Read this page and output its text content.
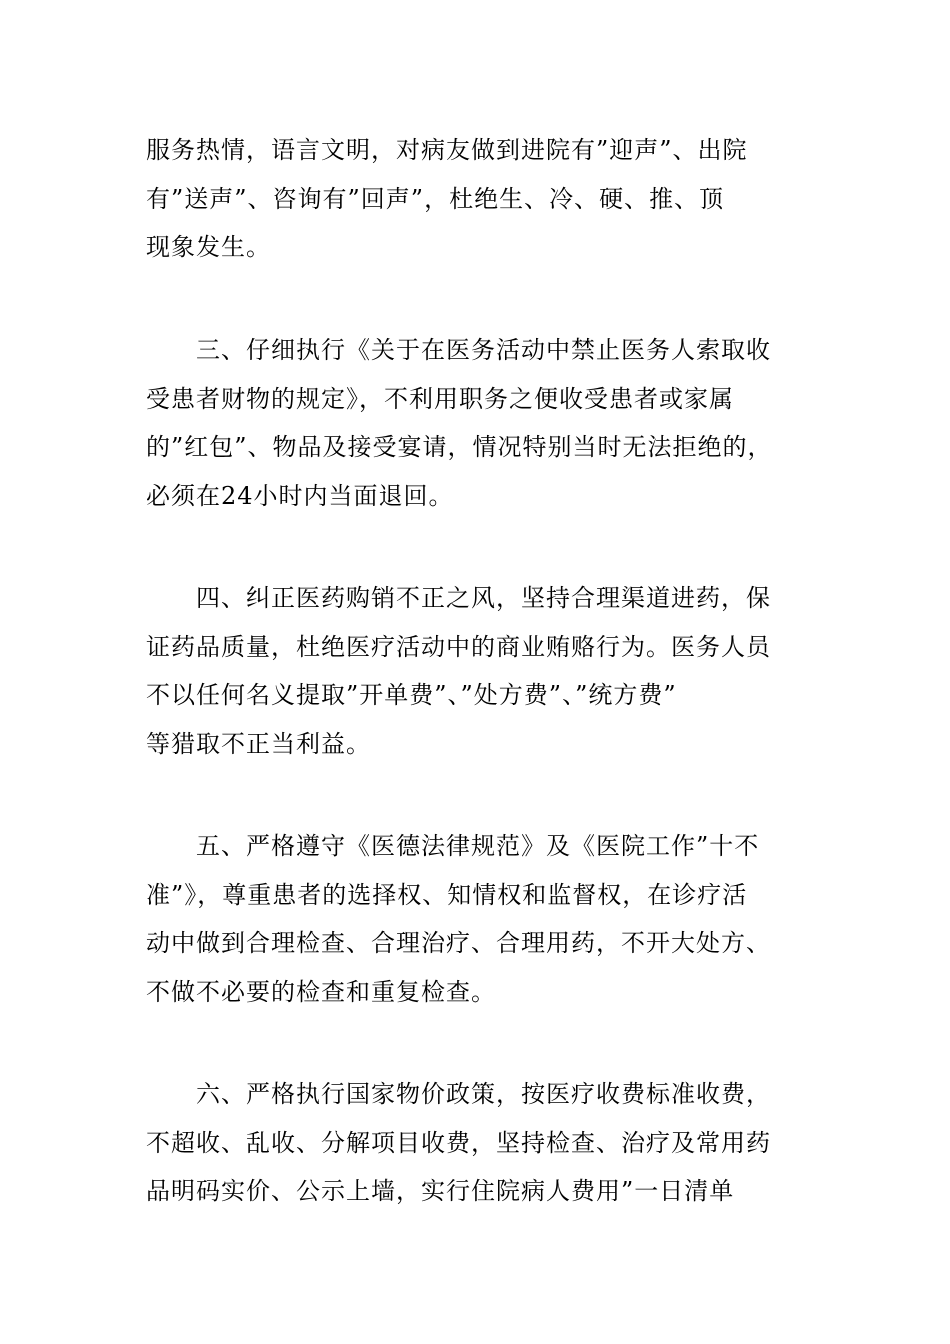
服务热情，语言文明，对病友做到进院有”迎声”、出院
有”送声”、咨询有”回声”，杜绝生、冷、硬、推、顶
现象发生。

　　三、仔细执行《关于在医务活动中禁止医务人索取收
受患者财物的规定》，不利用职务之便收受患者或家属
的”红包”、物品及接受宴请，情况特别当时无法拒绝的，
必须在24小时内当面退回。

　　四、纠正医药购销不正之风，坚持合理渠道进药，保
证药品质量，杜绝医疗活动中的商业贿赂行为。医务人员
不以任何名义提取”开单费”、”处方费”、”统方费”
等猎取不正当利益。

　　五、严格遵守《医德法律规范》及《医院工作”十不
准”》，尊重患者的选择权、知情权和监督权，在诊疗活
动中做到合理检查、合理治疗、合理用药，不开大处方、
不做不必要的检查和重复检查。

　　六、严格执行国家物价政策，按医疗收费标准收费，
不超收、乱收、分解项目收费，坚持检查、治疗及常用药
品明码实价、公示上墙，实行住院病人费用”一日清单
